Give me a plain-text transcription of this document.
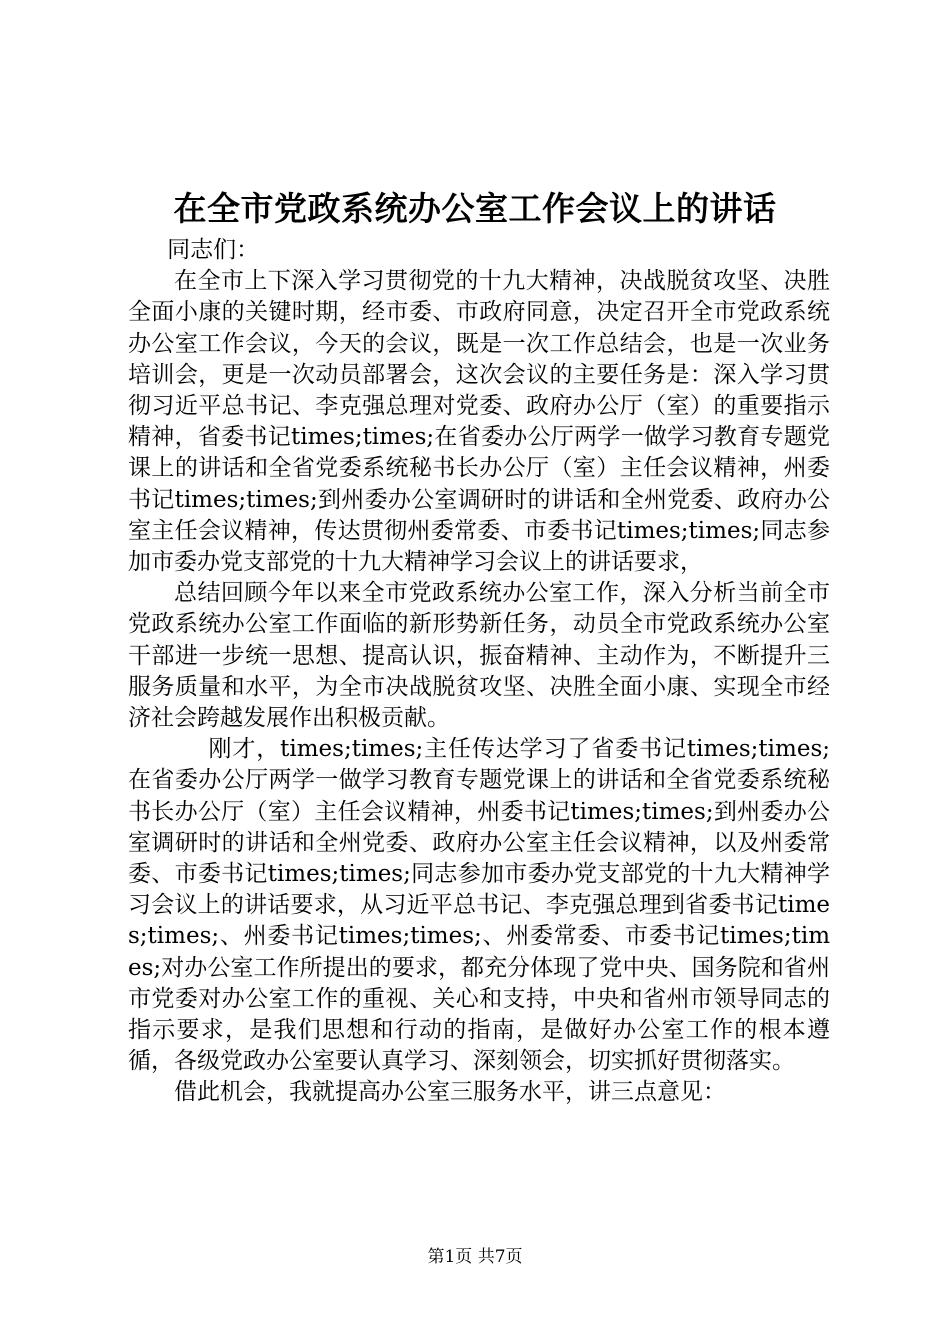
在全市党政系统办公室工作会议上的讲话

同志们：

在全市上下深入学习贯彻党的十九大精神，决战脱贫攻坚、决胜全面小康的关键时期，经市委、市政府同意，决定召开全市党政系统办公室工作会议，今天的会议，既是一次工作总结会，也是一次业务培训会，更是一次动员部署会，这次会议的主要任务是：深入学习贯彻习近平总书记、李克强总理对党委、政府办公厅（室）的重要指示精神，省委书记times;times;在省委办公厅两学一做学习教育专题党课上的讲话和全省党委系统秘书长办公厅（室）主任会议精神，州委书记times;times;到州委办公室调研时的讲话和全州党委、政府办公室主任会议精神，传达贯彻州委常委、市委书记times;times;同志参加市委办党支部党的十九大精神学习会议上的讲话要求，

总结回顾今年以来全市党政系统办公室工作，深入分析当前全市党政系统办公室工作面临的新形势新任务，动员全市党政系统办公室干部进一步统一思想、提高认识，振奋精神、主动作为，不断提升三服务质量和水平，为全市决战脱贫攻坚、决胜全面小康、实现全市经济社会跨越发展作出积极贡献。

刚才，times;times;主任传达学习了省委书记times;times;在省委办公厅两学一做学习教育专题党课上的讲话和全省党委系统秘书长办公厅（室）主任会议精神，州委书记times;times;到州委办公室调研时的讲话和全州党委、政府办公室主任会议精神，以及州委常委、市委书记times;times;同志参加市委办党支部党的十九大精神学习会议上的讲话要求，从习近平总书记、李克强总理到省委书记times;times;、州委书记times;times;、州委常委、市委书记times;times;对办公室工作所提出的要求，都充分体现了党中央、国务院和省州市党委对办公室工作的重视、关心和支持，中央和省州市领导同志的指示要求，是我们思想和行动的指南，是做好办公室工作的根本遵循，各级党政办公室要认真学习、深刻领会，切实抓好贯彻落实。

借此机会，我就提高办公室三服务水平，讲三点意见：

第1页 共7页
